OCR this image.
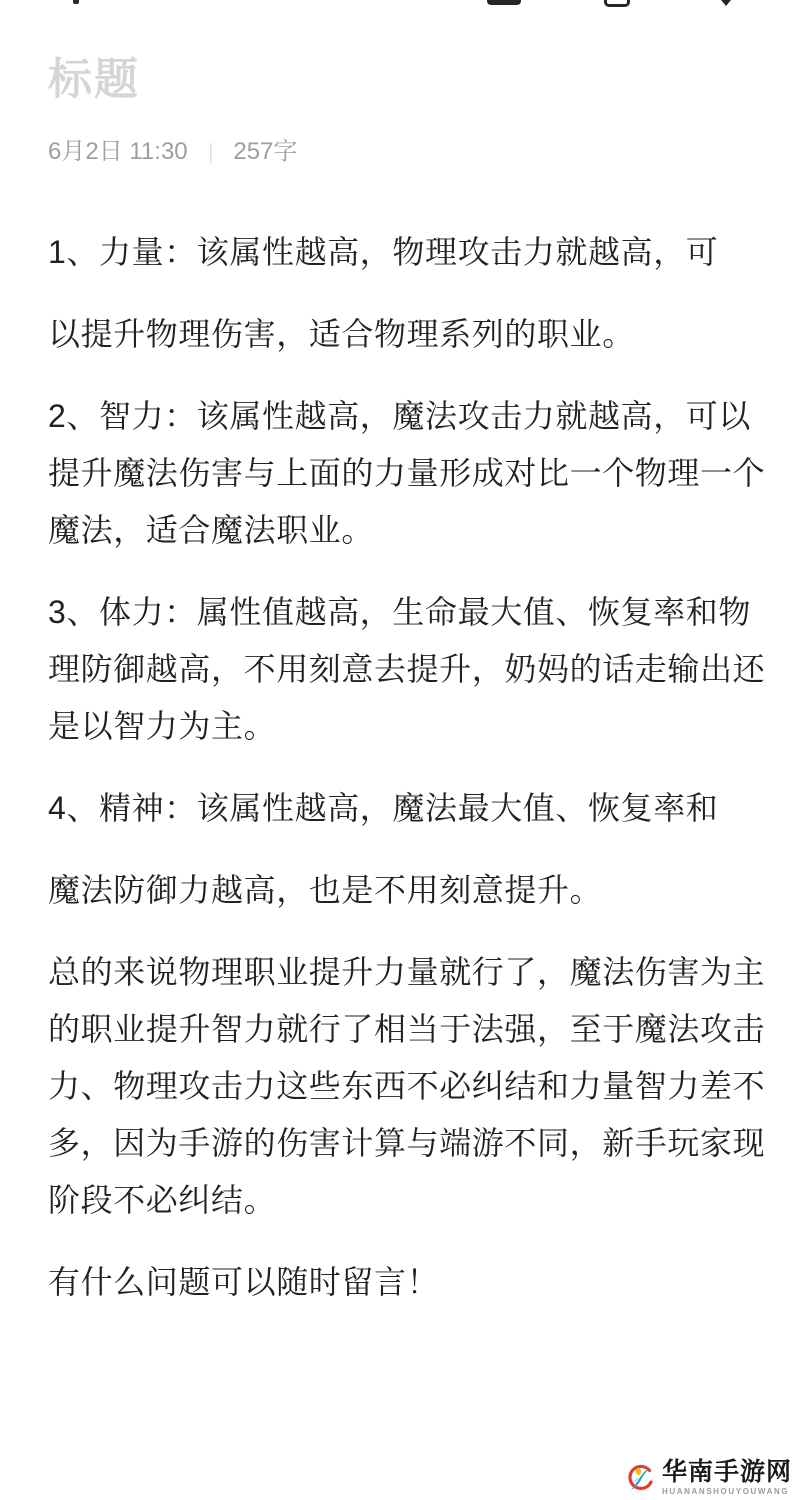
标题
6月2日 11:30 | 257字
1、力量：该属性越高，物理攻击力就越高，可
以提升物理伤害，适合物理系列的职业。
2、智力：该属性越高，魔法攻击力就越高，可以
提升魔法伤害与上面的力量形成对比一个物理一个
魔法，适合魔法职业。
3、体力：属性值越高，生命最大值、恢复率和物
理防御越高，不用刻意去提升，奶妈的话走输出还
是以智力为主。
4、精神：该属性越高，魔法最大值、恢复率和
魔法防御力越高，也是不用刻意提升。
总的来说物理职业提升力量就行了，魔法伤害为主
的职业提升智力就行了相当于法强，至于魔法攻击
力、物理攻击力这些东西不必纠结和力量智力差不
多，因为手游的伤害计算与端游不同，新手玩家现
阶段不必纠结。
有什么问题可以随时留言！
华南手游网
HUANANSHOUYOUWANG
